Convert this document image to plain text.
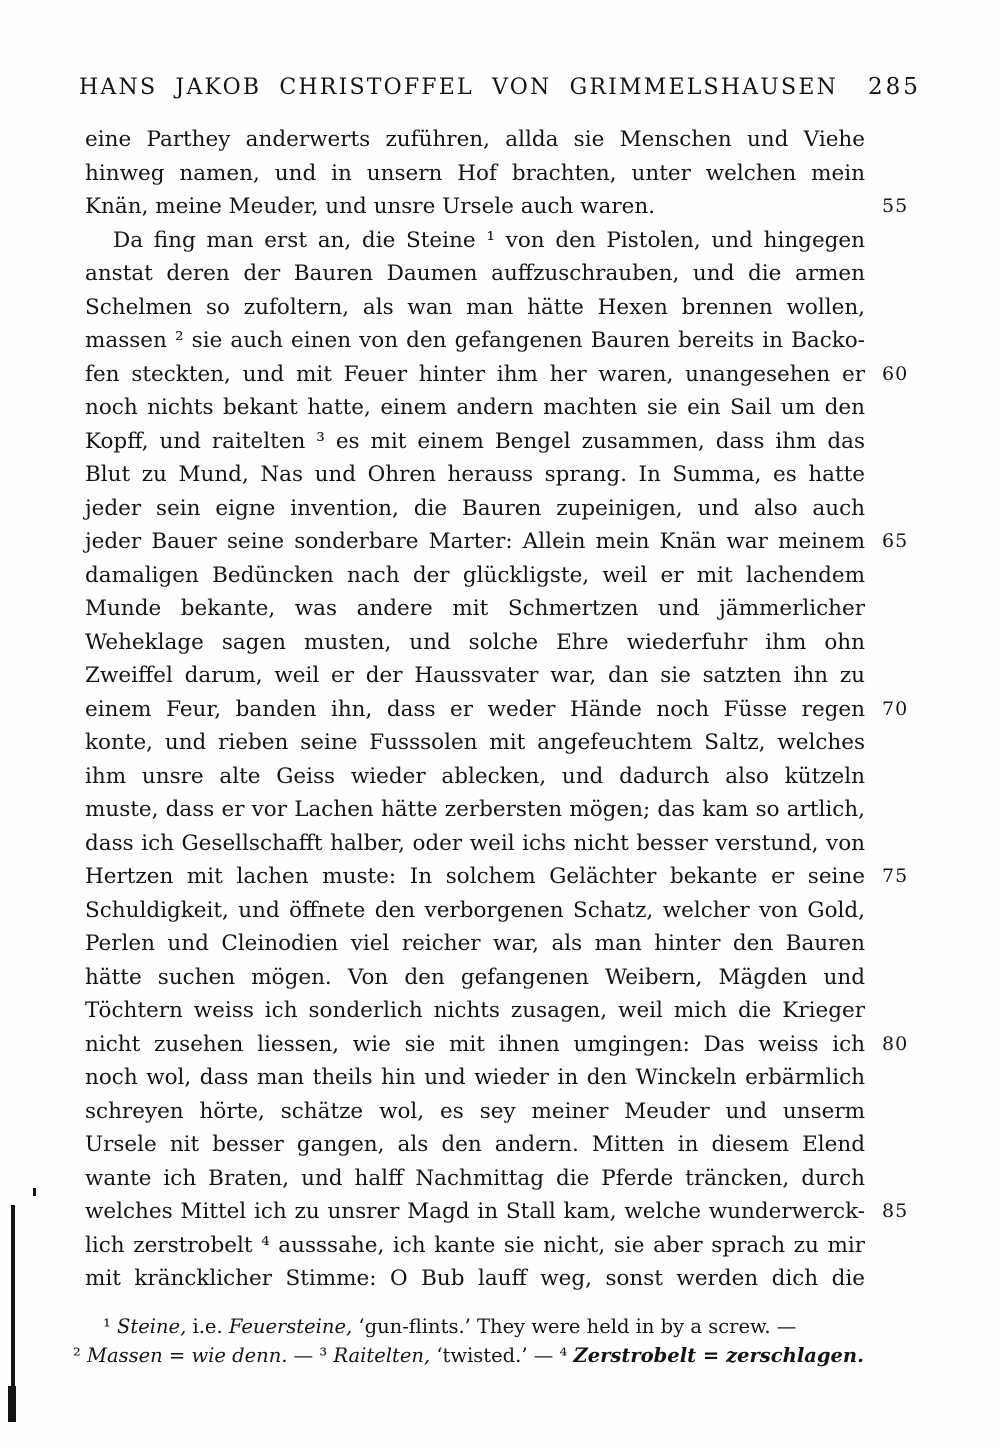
HANS JAKOB CHRISTOFFEL VON GRIMMELSHAUSEN 285
eine Parthey anderwerts zuführen, allda sie Menschen und Viehe
hinweg namen, und in unsern Hof brachten, unter welchen mein
Knän, meine Meuder, und unsre Ursele auch waren.	55
Da fing man erst an, die Steine ¹ von den Pistolen, und hingegen
anstat deren der Bauren Daumen auffzuschrauben, und die armen
Schelmen so zufoltern, als wan man hätte Hexen brennen wollen,
massen ² sie auch einen von den gefangenen Bauren bereits in Backo-
fen steckten, und mit Feuer hinter ihm her waren, unangesehen er 60
noch nichts bekant hatte, einem andern machten sie ein Sail um den
Kopff, und raitelten ³ es mit einem Bengel zusammen, dass ihm das
Blut zu Mund, Nas und Ohren herauss sprang. In Summa, es hatte
jeder sein eigne invention, die Bauren zupeinigen, und also auch
jeder Bauer seine sonderbare Marter: Allein mein Knän war meinem 65
damaligen Bedüncken nach der glückligste, weil er mit lachendem
Munde bekante, was andere mit Schmertzen und jämmerlicher
Weheklage sagen musten, und solche Ehre wiederfuhr ihm ohn
Zweiffel darum, weil er der Haussvater war, dan sie satzten ihn zu
einem Feur, banden ihn, dass er weder Hände noch Füsse regen 70
konte, und rieben seine Fusssolen mit angefeuchtem Saltz, welches
ihm unsre alte Geiss wieder ablecken, und dadurch also kützeln
muste, dass er vor Lachen hätte zerbersten mögen; das kam so artlich,
dass ich Gesellschafft halber, oder weil ichs nicht besser verstund, von
Hertzen mit lachen muste: In solchem Gelächter bekante er seine 75
Schuldigkeit, und öffnete den verborgenen Schatz, welcher von Gold,
Perlen und Cleinodien viel reicher war, als man hinter den Bauren
hätte suchen mögen. Von den gefangenen Weibern, Mägden und
Töchtern weiss ich sonderlich nichts zusagen, weil mich die Krieger
nicht zusehen liessen, wie sie mit ihnen umgingen: Das weiss ich 80
noch wol, dass man theils hin und wieder in den Winckeln erbärmlich
schreyen hörte, schätze wol, es sey meiner Meuder und unserm
Ursele nit besser gangen, als den andern. Mitten in diesem Elend
wante ich Braten, und halff Nachmittag die Pferde träncken, durch
welches Mittel ich zu unsrer Magd in Stall kam, welche wunderwerck- 85
lich zerstrobelt ⁴ ausssahe, ich kante sie nicht, sie aber sprach zu mir
mit kräncklicher Stimme: O Bub lauff weg, sonst werden dich die
¹ Steine, i.e. Feuersteine, ‘gun-flints.’ They were held in by a screw. —
² Massen = wie denn. — ³ Raitelten, ‘twisted.’ — ⁴ Zerstrobelt = zerschlagen.
